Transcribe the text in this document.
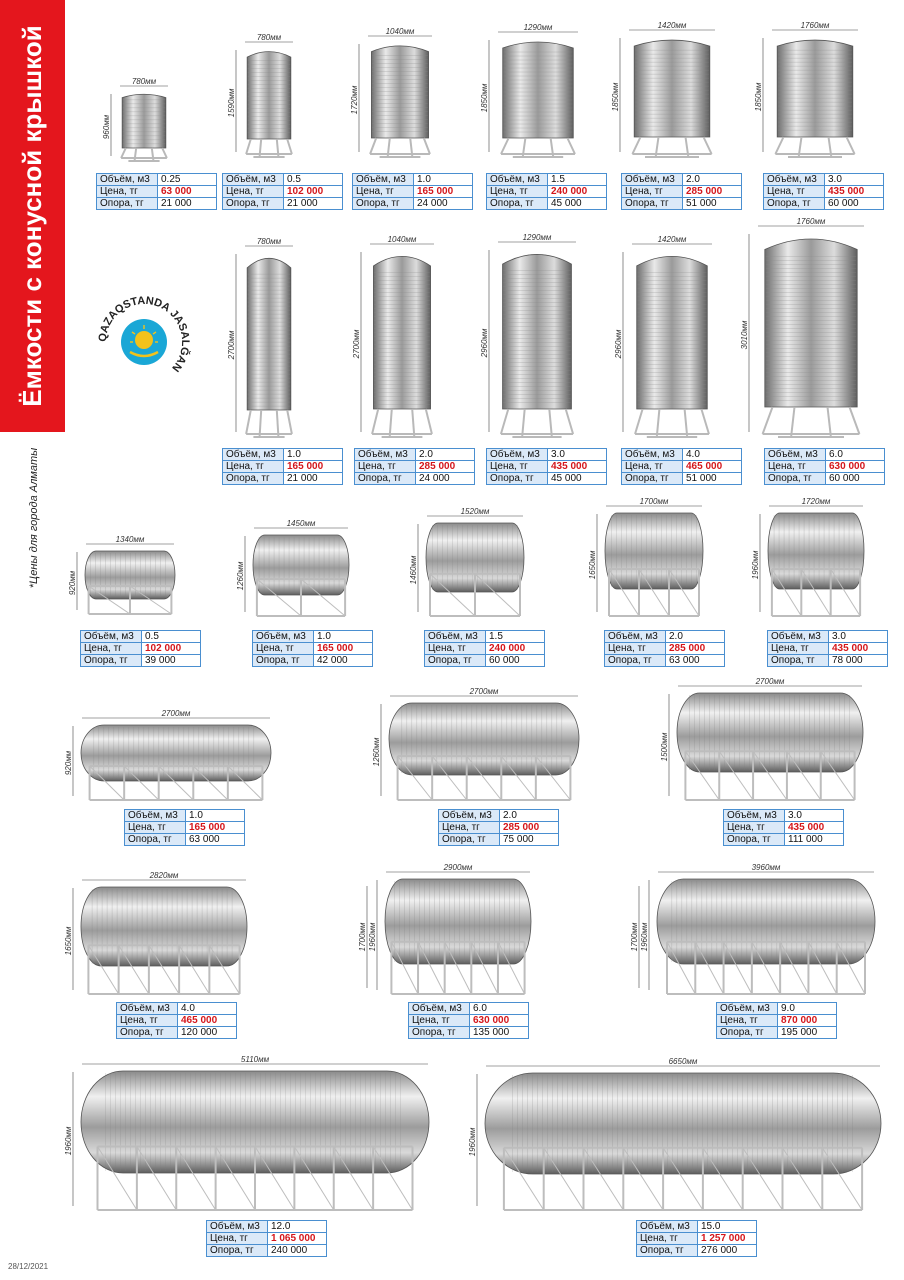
Ёмкости с конусной крышкой
*Цены для города Алматы
28/12/2021
QAZAQSTANDA JASALĞAN
780мм
960мм
Объём, м3	0.25
Цена, тг	63 000
Опора, тг	21 000
780мм
1590мм
Объём, м3	0.5
Цена, тг	102 000
Опора, тг	21 000
1040мм
1720мм
Объём, м3	1.0
Цена, тг	165 000
Опора, тг	24 000
1290мм
1850мм
Объём, м3	1.5
Цена, тг	240 000
Опора, тг	45 000
1420мм
1850мм
Объём, м3	2.0
Цена, тг	285 000
Опора, тг	51 000
1760мм
1850мм
Объём, м3	3.0
Цена, тг	435 000
Опора, тг	60 000
780мм
2700мм
Объём, м3	1.0
Цена, тг	165 000
Опора, тг	21 000
1040мм
2700мм
Объём, м3	2.0
Цена, тг	285 000
Опора, тг	24 000
1290мм
2960мм
Объём, м3	3.0
Цена, тг	435 000
Опора, тг	45 000
1420мм
2960мм
Объём, м3	4.0
Цена, тг	465 000
Опора, тг	51 000
1760мм
3010мм
Объём, м3	6.0
Цена, тг	630 000
Опора, тг	60 000
1340мм
920мм
Объём, м3	0.5
Цена, тг	102 000
Опора, тг	39 000
1450мм
1260мм
Объём, м3	1.0
Цена, тг	165 000
Опора, тг	42 000
1520мм
1460мм
Объём, м3	1.5
Цена, тг	240 000
Опора, тг	60 000
1700мм
1650мм
Объём, м3	2.0
Цена, тг	285 000
Опора, тг	63 000
1720мм
1960мм
Объём, м3	3.0
Цена, тг	435 000
Опора, тг	78 000
2700мм
920мм
Объём, м3	1.0
Цена, тг	165 000
Опора, тг	63 000
2700мм
1260мм
Объём, м3	2.0
Цена, тг	285 000
Опора, тг	75 000
2700мм
1500мм
Объём, м3	3.0
Цена, тг	435 000
Опора, тг	111 000
2820мм
1650мм
Объём, м3	4.0
Цена, тг	465 000
Опора, тг	120 000
2900мм
1960мм
1700мм
Объём, м3	6.0
Цена, тг	630 000
Опора, тг	135 000
3960мм
1960мм
1700мм
Объём, м3	9.0
Цена, тг	870 000
Опора, тг	195 000
5110мм
1960мм
Объём, м3	12.0
Цена, тг	1 065 000
Опора, тг	240 000
6650мм
1960мм
Объём, м3	15.0
Цена, тг	1 257 000
Опора, тг	276 000
